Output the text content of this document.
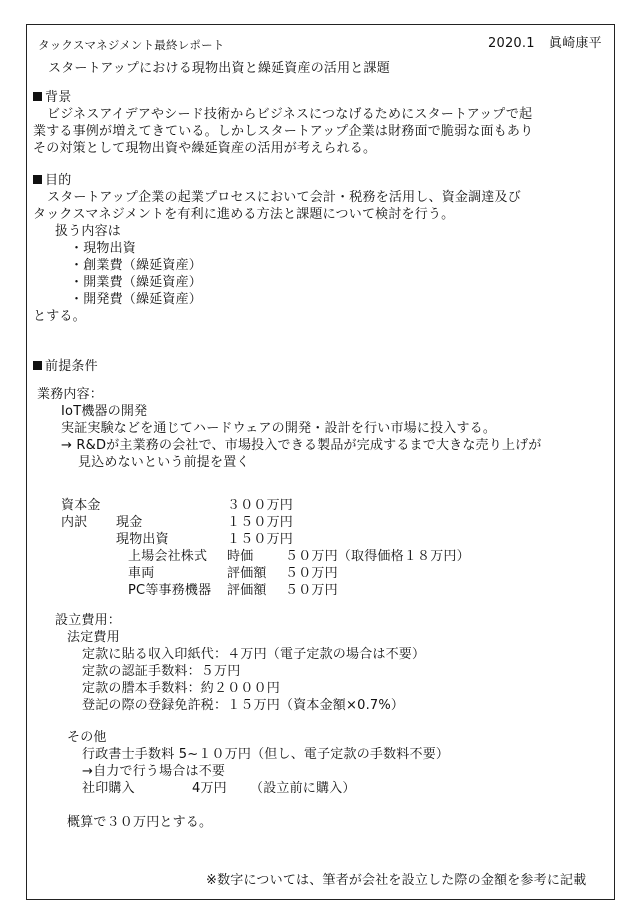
タックスマネジメント最終レポート	2020.1 眞崎康平
スタートアップにおける現物出資と繰延資産の活用と課題
背景
ビジネスアイデアやシード技術からビジネスにつなげるためにスタートアップで起
業する事例が増えてきている。しかしスタートアップ企業は財務面で脆弱な面もあり
その対策として現物出資や繰延資産の活用が考えられる。
目的
スタートアップ企業の起業プロセスにおいて会計・税務を活用し、資金調達及び
タックスマネジメントを有利に進める方法と課題について検討を行う。
扱う内容は
・現物出資
・創業費（繰延資産）
・開業費（繰延資産）
・開発費（繰延資産）
とする。
前提条件
業務内容：
IoT機器の開発
実証実験などを通じてハードウェアの開発・設計を行い市場に投入する。
→ R&Dが主業務の会社で、市場投入できる製品が完成するまで大きな売り上げが
見込めないという前提を置く
資本金	３００万円
内訳 現金	１５０万円
現物出資	１５０万円
上場会社株式 時価 ５０万円（取得価格１８万円）
車両	評価額 ５０万円
PC等事務機器 評価額 ５０万円
設立費用：
法定費用
定款に貼る収入印紙代：４万円（電子定款の場合は不要）
定款の認証手数料：５万円
定款の謄本手数料：約２０００円
登記の際の登録免許税：１５万円（資本金額×0.7%）
その他
行政書士手数料 5~１０万円（但し、電子定款の手数料不要）
→自力で行う場合は不要
社印購入	4万円 （設立前に購入）
概算で３０万円とする。
※数字については、筆者が会社を設立した際の金額を参考に記載
